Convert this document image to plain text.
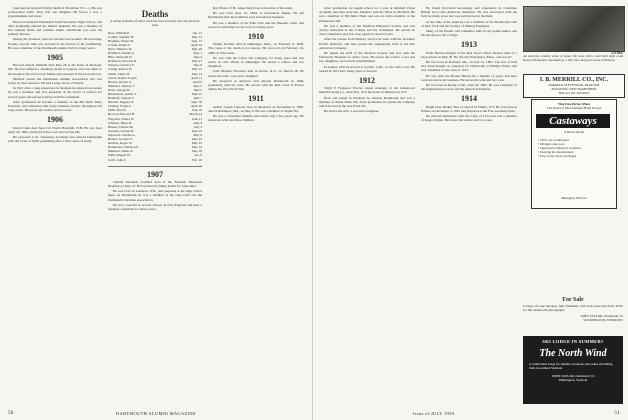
Jane (and be married Evelyn Smith of Montclair, N.J. ...). He was professional lands. They had one daughter. He leaves a son, a granddaughter and sister.

Harwood attended Dartmouth from Dorchester High School, and after graduating entered the lumber business. He was a member of Phi Gamma Delta and Gamma Alpha. Dartmouth was ever his primary interest.

During his graduate years he traveled and worked. He had many friends, and his time was devoted to the service of his community. He was a member of the Dartmouth alumni club for many years.

1905

Howard Dewitt Mitchell died May 26 at his home in Portland, Me. He had suffered a disabling stroke in January and was taken to the hospital. He was born in Maine and prepared at the local schools.

Mitchell joined the Dartmouth Alumni Association and was active in class reunions. He had a large circle of friends.

In 1921 after a long experience in business he entered real estate; he was a member and vice president of the board of realtors for several years and served actively until his retirement.

After graduation he became a member of the Phi Delta Theta fraternity and remained with many business friends throughout his long career. He leaves his widow and two sons.

1906

David Clark died June 9 in North Haverhill, N.H. He was born April 20, 1883, and lived in the town most of his life.

He prepared at St. Johnsbury Academy and entered Dartmouth with the Class of 1906, graduating after a full course of study.

Deaths
A listing of deaths of which word has been received since the previous issue
Rice, William E.	Jan. 15
Collins, Stephen H.	Mar. 12
Hopkins, Ernest M.	Aug. 13
Lowell, Ralph S.	April 16
Drew, Maurice W.	May 29
Hamilton, Daniel S.	May 1
Bliss, Malcolm W.	June 4
Robinson, Howard D.	May 27
Weston, Clarence F.	June 8
Crump, Robert W.	May 15
Welsh, James H.	May 14
Lynch, Daniel Joseph	April 11
Brewer, Robert G.	April 6
Mathews, Selwyn J.	May 5
Dana, George H.	June 5
Hutchinson, Arthur T.	May 25
Hethroff, Chaude V.	June 1
Dietsch, Eugene W.	Sept. 30
Lindsay, Frank A.	April 28
Mills, Fred E.	June 16
Howard, Howard H.	March 24
Wagoner, Walter W.	June 11
Johnson, Harry R.	June 9
Hunter, Charles M.	July 3
Gleeson, George B.	June 23
Ingersoll, Charles G.	May 6
Haines, Gordon V.	May 23
Durfree, Roger W.	May 25
Hammond, Clarkson F.	May 14
Meheran, James A.	May 26
Fuller, Rupert H.	Jan. 9
Swift, John P.	Feb. 10
1907

Samuel Marshall Goddard died at the Eastman Memorial Hospital on May 12. He had been in failing health for some time.

He was born in Lebanon, N.H., and prepared at the high school there. At Dartmouth he was a member of the Glee Club and the Dartmouth Christian Association.

He was a teacher at several schools in New England and later a business consultant for many years.

Roy Bruce, N.H., where they lived at the time of his death.

He was born June 13, 1884, at Greenland, Maine. He left Dartmouth after his freshman year and entered business.

He was a member of the Elks Club and the Masonic order, and served as selectman for his town for many years.

1910

Daniel Thomas died in Okmulgee, Okla., on February 8, 1959. The cause of his death is not known. He was born in February 16, 1889, in Wisconsin.

He was with the Carter Oil Company for many years and was active in civic affairs in Okmulgee. He leaves a widow and two daughters.

John Holmes Howland died in Rome, N.Y., on March 28. He leaves his wife, a son and a daughter.

He prepared at Andover and entered Dartmouth in 1906, graduating with the class. He served with the Red Cross in France during the first World War.

1911

Arthur Joseph Laurent, born in Montreal on November 9, 1887, died in Baltimore, Md., on May 9. He was a member of Sigma Nu.

He was a consultant chemist and retired only a few years ago. He leaves his wife and three children.

50	DARTMOUTH ALUMNI MAGAZINE

After graduation, he taught school for a year at Kimball Union Academy and then went into business with his father in Medford. He was a member of Phi Delta Theta and was an active member of the Dartmouth club.

He was a member of the Medford Historical Society and was always interested in the College and his classmates. He served on class committees and was class agent for several years.

After his release from military service he went with the Northern Pacific Railroad, and later joined the engineering staff of the Pan American Company.

He joined the staff of the Medical Society and was with the University Hospital for many years. He leaves his widow, a son and two daughters, and several grandchildren.

In August 1955 he moved to Cecilia, Calif., to live with a son. He retired in 1951 after many years of service.

1912

Virgil F. Ferguson Fowler, expert manager of the Jamestown Manufacturing Co., died May 19 at his home in Jamestown, N.Y.

Born and raised in Vermont, he entered Dartmouth and was a member of Alpha Delta Phi. After graduation he joined the company which he served the rest of his life.

He leaves his wife, a son and a daughter.

He found first-hand knowledge and experience in Canadian, British and Latin American industries. He was associated with the firm for many years and was well known in the field.

At the time of his death he was a member of the Dartmouth Club of New York and the Society of Mining Engineers.

Many of his friends will remember him for his gentle humor and his devotion to the College.

1913

Earle Herbert Knight of the Red Tower Hotel, Boston died of a heart attack on May 30. He lived in Winchester, Mass., and was 67.

He was born in Portland, Me., on July 31, 1891. The son of Tom and Trudi Knight, he prepared for Dartmouth at Phillips Exeter and was a member of the class of 1913.

He was with the Boston Herald for a number of years, and later went into the hotel business. He leaves his wife and two sons.

He was born in Derby, Conn., June 18, 1891. He was a member of the Engineering Society and the American Institute.

1914

Ralph Gray Barker died on June 8 in Elmira, N.Y. He was born in Elmira on December 4, 1891 and prepared at the Free Academy there.

He entered Dartmouth with the Class of 1914 and was a member of Kappa Sigma. He leaves his widow and two sons.

LYME

An attractive country estate of about 100 acres with a well built eight room house with modern conveniences, a fine view and good access to Hanover.

I. B. MERRILL CO., INC.
NORMAN STEVENSON, REALTOR
HANOVER, NEW HAMPSHIRE
Hanover Tel. 643-4810
This Fun-Perfect Place
The World of Mid-Summer/Hand Escape
Castaways
A Resort Motel
• 100% air-conditioned
• Olympic-size pool
• Supervised children's activities
• Dancing & entertainment
• Free 3-day resort privileges
Managing Director
For Sale

Cottage on Lake Sunapee, fully furnished, with boat house and dock. Write for full details and photographs.

JOHN TAYLOR, Dartmouth '16
WILMINGTON, VERMONT
SKI LODGE IN SUMMER?
The North Wind
A comfortable lodge for summer vacations, near lakes and hiking trails in southern Vermont.
JOHN TAYLOR, Dartmouth '16
Wilmington, Vermont
Issue of JULY 1959	51
